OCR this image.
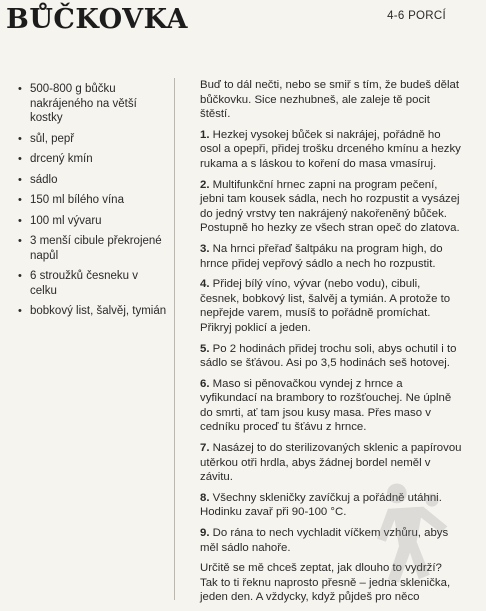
BŮČKOVKA	4-6 PORCÍ
• 500-800 g bůčku nakrájeného na větší kostky
• sůl, pepř
• drcený kmín
• sádlo
• 150 ml bílého vína
• 100 ml vývaru
• 3 menší cibule překrojené napůl
• 6 stroužků česneku v celku
• bobkový list, šalvěj, tymián

Buď to dál nečti, nebo se smiř s tím, že budeš dělat bůčkovku. Sice nezhubneš, ale zaleje tě pocit štěstí.

1. Hezkej vysokej bůček si nakrájej, pořádně ho osol a opepři, přidej trošku drceného kmínu a hezky rukama a s láskou to koření do masa vmasíruj.

2. Multifunkční hrnec zapni na program pečení, jebni tam kousek sádla, nech ho rozpustit a vysázej do jedný vrstvy ten nakrájený nakořeněný bůček. Postupně ho hezky ze všech stran opeč do zlatova.

3. Na hrnci přeřaď šaltpáku na program high, do hrnce přidej vepřový sádlo a nech ho rozpustit.

4. Přidej bílý víno, vývar (nebo vodu), cibuli, česnek, bobkový list, šalvěj a tymián. A protože to nepřejde varem, musíš to pořádně promíchat. Přikryj poklicí a jeden.

5. Po 2 hodinách přidej trochu soli, abys ochutil i to sádlo se šťávou. Asi po 3,5 hodinách seš hotovej.

6. Maso si pěnovačkou vyndej z hrnce a vyfikundací na brambory to rozšťouchej. Ne úplně do smrti, ať tam jsou kusy masa. Přes maso v cedníku proceď tu šťávu z hrnce.

7. Nasázej to do sterilizovaných sklenic a papírovou utěrkou otři hrdla, abys žádnej bordel neměl v závitu.

8. Všechny skleničky zavíčkuj a pořádně utáhni. Hodinku zavař při 90-100 °C.

9. Do rána to nech vychladit víčkem vzhůru, abys měl sádlo nahoře.

Určitě se mě chceš zeptat, jak dlouho to vydrží? Tak to ti řeknu naprosto přesně – jedna sklenička, jeden den. A vždycky, když půjdeš pro něco
